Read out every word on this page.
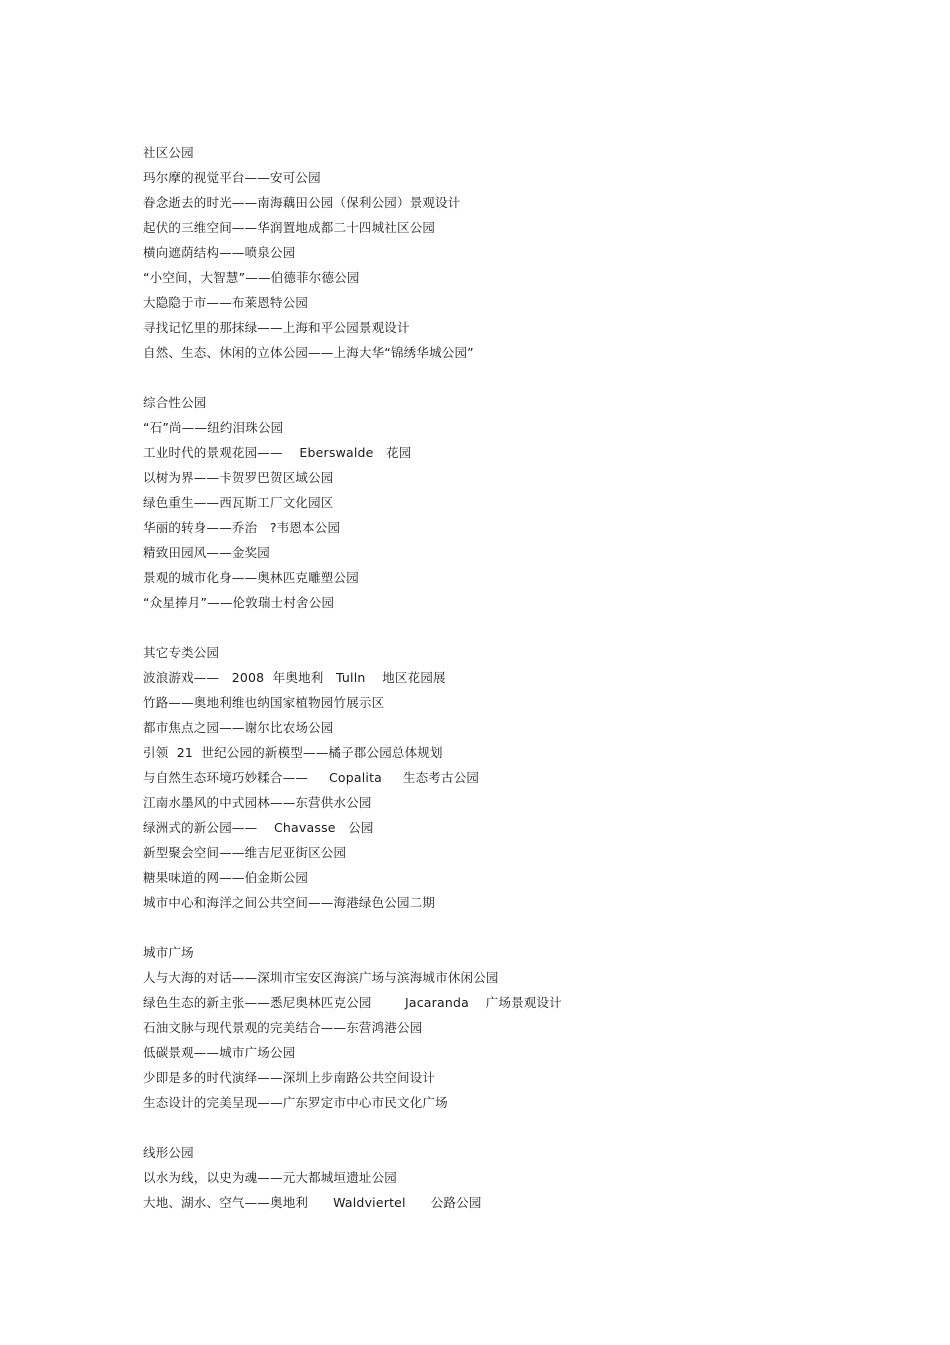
社区公园
玛尔摩的视觉平台——安可公园
眷念逝去的时光——南海藕田公园（保利公园）景观设计
起伏的三维空间——华润置地成都二十四城社区公园
横向遮荫结构——喷泉公园
“小空间，大智慧”——伯德菲尔德公园
大隐隐于市——布莱恩特公园
寻找记忆里的那抹绿——上海和平公园景观设计
自然、生态、休闲的立体公园——上海大华“锦绣华城公园”
综合性公园
“石”尚——纽约泪珠公园
工业时代的景观花园——    Eberswalde   花园
以树为界——卡贺罗巴贺区域公园
绿色重生——西瓦斯工厂文化园区
华丽的转身——乔治   ?韦恩本公园
精致田园风——金奖园
景观的城市化身——奥林匹克雕塑公园
“众星捧月”——伦敦瑞士村舍公园
其它专类公园
波浪游戏——   2008  年奥地利   Tulln    地区花园展
竹路——奥地利维也纳国家植物园竹展示区
都市焦点之园——谢尔比农场公园
引领  21  世纪公园的新模型——橘子郡公园总体规划
与自然生态环境巧妙糅合——     Copalita     生态考古公园
江南水墨风的中式园林——东营供水公园
绿洲式的新公园——    Chavasse   公园
新型聚会空间——维吉尼亚街区公园
糖果味道的网——伯金斯公园
城市中心和海洋之间公共空间——海港绿色公园二期
城市广场
人与大海的对话——深圳市宝安区海滨广场与滨海城市休闲公园
绿色生态的新主张——悉尼奥林匹克公园        Jacaranda    广场景观设计
石油文脉与现代景观的完美结合——东营鸿港公园
低碳景观——城市广场公园
少即是多的时代演绎——深圳上步南路公共空间设计
生态设计的完美呈现——广东罗定市中心市民文化广场
线形公园
以水为线，以史为魂——元大都城垣遗址公园
大地、湖水、空气——奥地利      Waldviertel      公路公园
